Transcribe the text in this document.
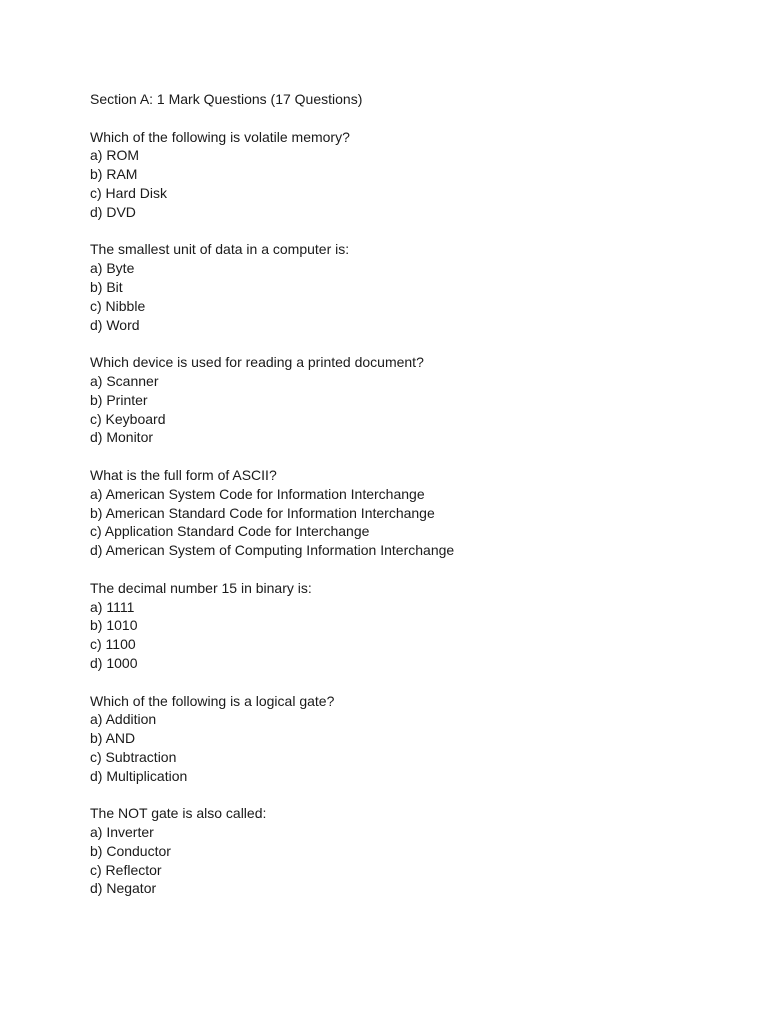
Section A: 1 Mark Questions (17 Questions)
Which of the following is volatile memory?
a) ROM
b) RAM
c) Hard Disk
d) DVD
The smallest unit of data in a computer is:
a) Byte
b) Bit
c) Nibble
d) Word
Which device is used for reading a printed document?
a) Scanner
b) Printer
c) Keyboard
d) Monitor
What is the full form of ASCII?
a) American System Code for Information Interchange
b) American Standard Code for Information Interchange
c) Application Standard Code for Interchange
d) American System of Computing Information Interchange
The decimal number 15 in binary is:
a) 1111
b) 1010
c) 1100
d) 1000
Which of the following is a logical gate?
a) Addition
b) AND
c) Subtraction
d) Multiplication
The NOT gate is also called:
a) Inverter
b) Conductor
c) Reflector
d) Negator
